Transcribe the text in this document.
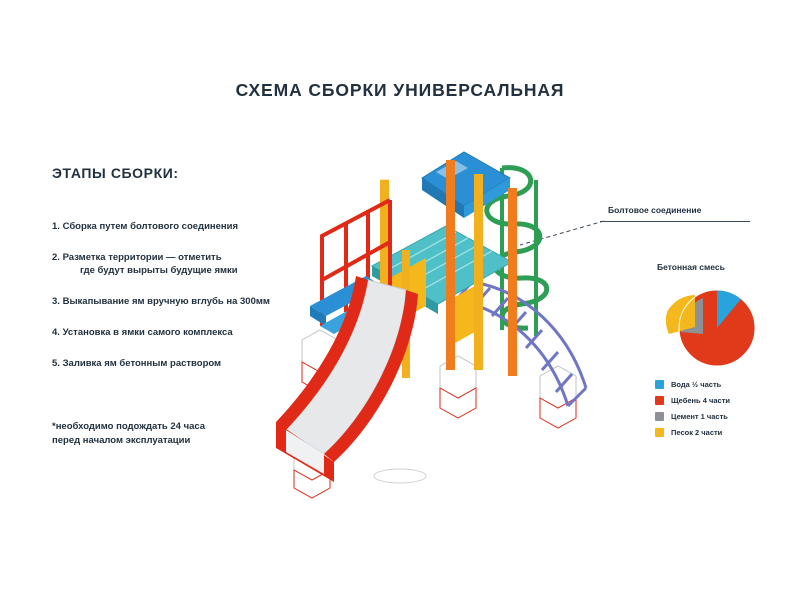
СХЕМА СБОРКИ УНИВЕРСАЛЬНАЯ
ЭТАПЫ СБОРКИ:
1. Сборка путем болтового соединения
2. Разметка территории — отметить
где будут вырыты будущие ямки
3. Выкапывание ям вручную вглубь на 300мм
4. Установка в ямки самого комплекса
5. Заливка ям бетонным раствором
*необходимо подождать 24 часа
перед началом эксплуатации
Болтовое соединение
Бетонная смесь
Вода ½ часть
Щебень 4 части
Цемент 1 часть
Песок 2 части
